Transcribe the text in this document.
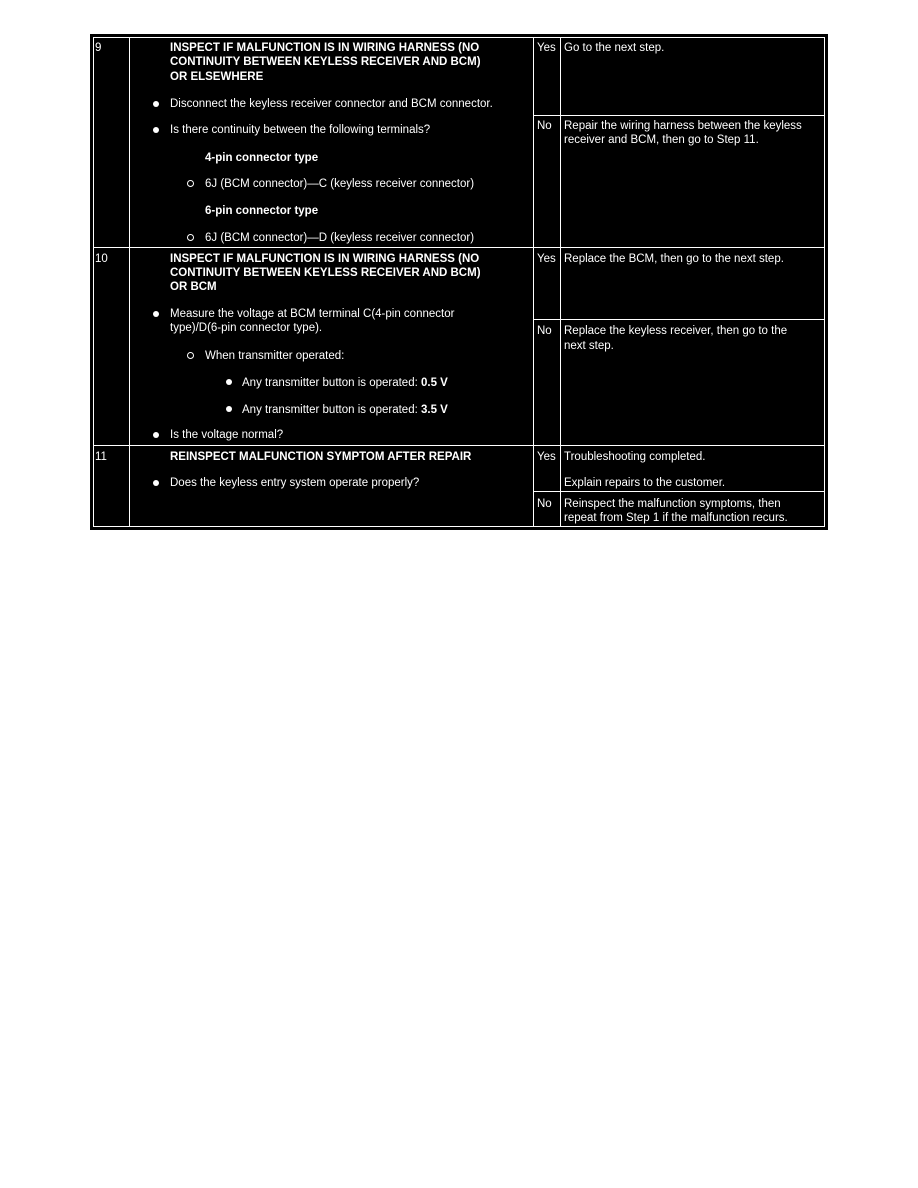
9	INSPECT IF MALFUNCTION IS IN WIRING HARNESS (NO
CONTINUITY BETWEEN KEYLESS RECEIVER AND BCM)
OR ELSEWHERE
Disconnect the keyless receiver connector and BCM connector.
Is there continuity between the following terminals?
4-pin connector type
6J (BCM connector)—C (keyless receiver connector)
6-pin connector type
6J (BCM connector)—D (keyless receiver connector)
Yes Go to the next step.
No Repair the wiring harness between the keyless
receiver and BCM, then go to Step 11.
10	INSPECT IF MALFUNCTION IS IN WIRING HARNESS (NO
CONTINUITY BETWEEN KEYLESS RECEIVER AND BCM)
OR BCM
Measure the voltage at BCM terminal C(4-pin connector
type)/D(6-pin connector type).
When transmitter operated:
Any transmitter button is operated: 0.5 V
Any transmitter button is operated: 3.5 V
Is the voltage normal?
Yes Replace the BCM, then go to the next step.
No Replace the keyless receiver, then go to the
next step.
11	REINSPECT MALFUNCTION SYMPTOM AFTER REPAIR
Does the keyless entry system operate properly?
Yes Troubleshooting completed.
Explain repairs to the customer.
No Reinspect the malfunction symptoms, then
repeat from Step 1 if the malfunction recurs.
